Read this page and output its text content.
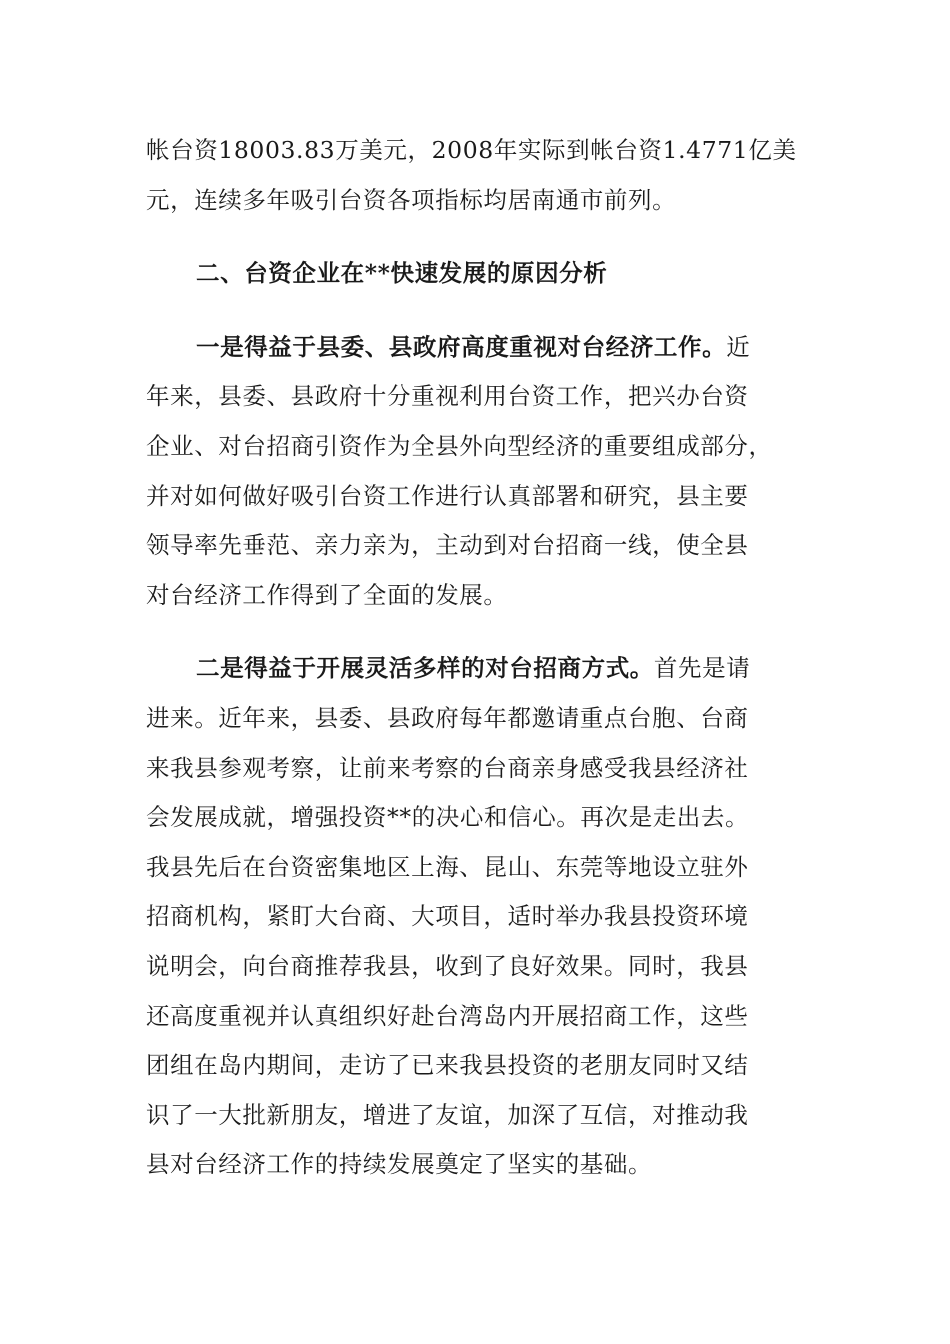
帐台资18003.83万美元，2008年实际到帐台资1.4771亿美
元，连续多年吸引台资各项指标均居南通市前列。
二、台资企业在**快速发展的原因分析
一是得益于县委、县政府高度重视对台经济工作。近
年来，县委、县政府十分重视利用台资工作，把兴办台资
企业、对台招商引资作为全县外向型经济的重要组成部分，
并对如何做好吸引台资工作进行认真部署和研究，县主要
领导率先垂范、亲力亲为，主动到对台招商一线，使全县
对台经济工作得到了全面的发展。
二是得益于开展灵活多样的对台招商方式。首先是请
进来。近年来，县委、县政府每年都邀请重点台胞、台商
来我县参观考察，让前来考察的台商亲身感受我县经济社
会发展成就，增强投资**的决心和信心。再次是走出去。
我县先后在台资密集地区上海、昆山、东莞等地设立驻外
招商机构，紧盯大台商、大项目，适时举办我县投资环境
说明会，向台商推荐我县，收到了良好效果。同时，我县
还高度重视并认真组织好赴台湾岛内开展招商工作，这些
团组在岛内期间，走访了已来我县投资的老朋友同时又结
识了一大批新朋友，增进了友谊，加深了互信，对推动我
县对台经济工作的持续发展奠定了坚实的基础。
